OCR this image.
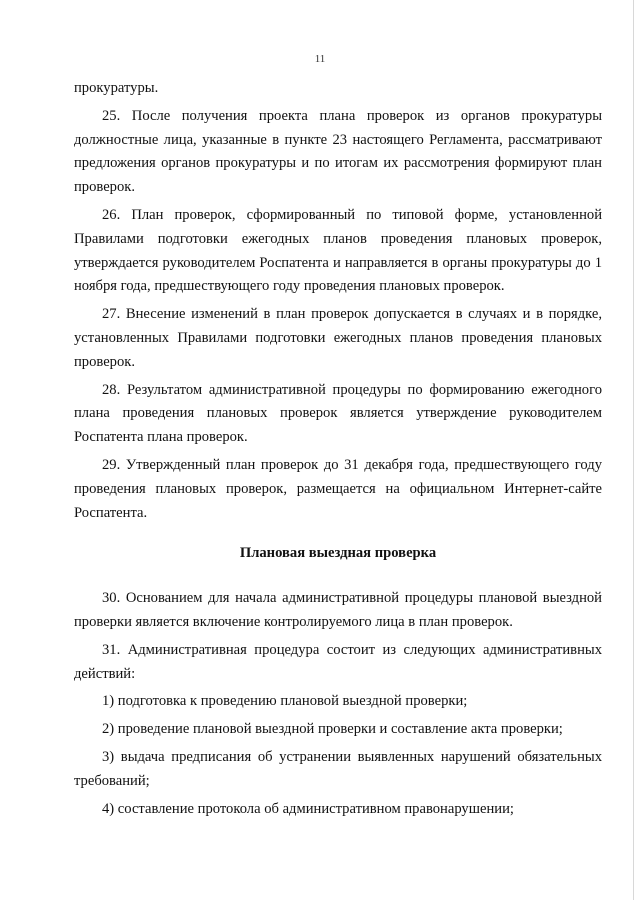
11

прокуратуры.

25. После получения проекта плана проверок из органов прокуратуры должностные лица, указанные в пункте 23 настоящего Регламента, рассматривают предложения органов прокуратуры и по итогам их рассмотрения формируют план проверок.

26. План проверок, сформированный по типовой форме, установленной Правилами подготовки ежегодных планов проведения плановых проверок, утверждается руководителем Роспатента и направляется в органы прокуратуры до 1 ноября года, предшествующего году проведения плановых проверок.

27. Внесение изменений в план проверок допускается в случаях и в порядке, установленных Правилами подготовки ежегодных планов проведения плановых проверок.

28. Результатом административной процедуры по формированию ежегодного плана проведения плановых проверок является утверждение руководителем Роспатента плана проверок.

29. Утвержденный план проверок до 31 декабря года, предшествующего году проведения плановых проверок, размещается на официальном Интернет-сайте Роспатента.

Плановая выездная проверка

30. Основанием для начала административной процедуры плановой выездной проверки является включение контролируемого лица в план проверок.

31. Административная процедура состоит из следующих административных действий:

1) подготовка к проведению плановой выездной проверки;

2) проведение плановой выездной проверки и составление акта проверки;

3) выдача предписания об устранении выявленных нарушений обязательных требований;

4) составление протокола об административном правонарушении;
